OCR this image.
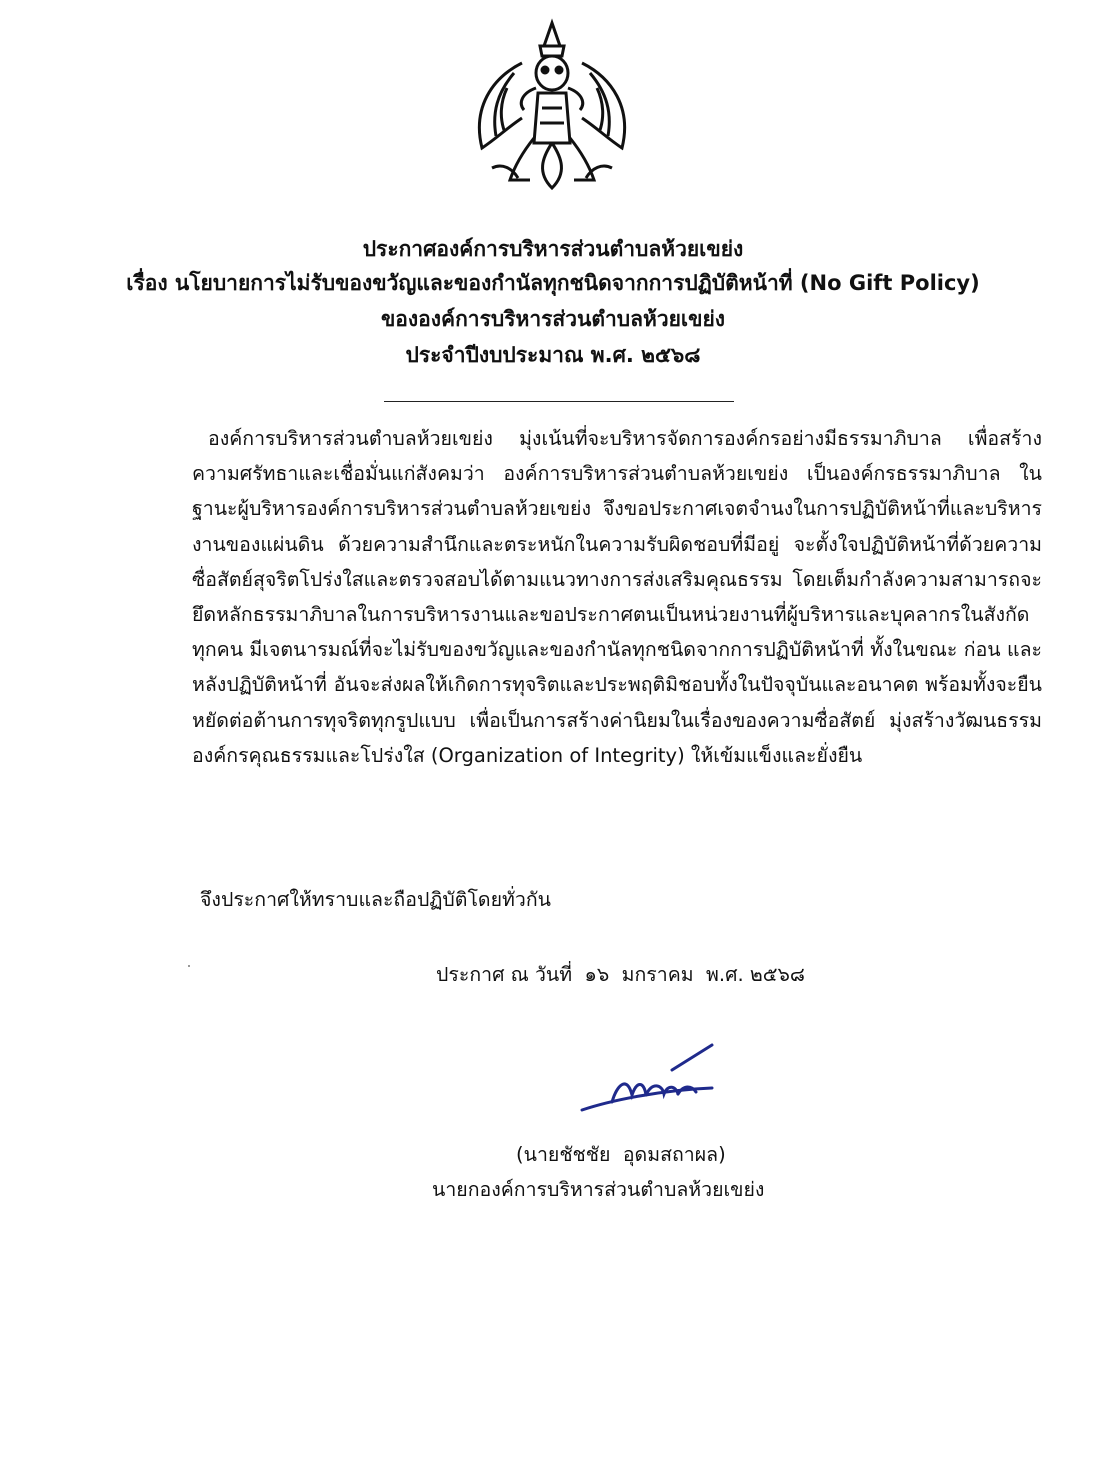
ประกาศองค์การบริหารส่วนตำบลห้วยเขย่ง
เรื่อง นโยบายการไม่รับของขวัญและของกำนัลทุกชนิดจากการปฏิบัติหน้าที่ (No Gift Policy)
ขององค์การบริหารส่วนตำบลห้วยเขย่ง
ประจำปีงบประมาณ พ.ศ. ๒๕๖๘
องค์การบริหารส่วนตำบลห้วยเขย่ง มุ่งเน้นที่จะบริหารจัดการองค์กรอย่างมีธรรมาภิบาล เพื่อสร้างความศรัทธาและเชื่อมั่นแก่สังคมว่า องค์การบริหารส่วนตำบลห้วยเขย่ง เป็นองค์กรธรรมาภิบาล ในฐานะผู้บริหารองค์การบริหารส่วนตำบลห้วยเขย่ง จึงขอประกาศเจตจำนงในการปฏิบัติหน้าที่และบริหารงานของแผ่นดิน ด้วยความสำนึกและตระหนักในความรับผิดชอบที่มีอยู่ จะตั้งใจปฏิบัติหน้าที่ด้วยความซื่อสัตย์สุจริตโปร่งใสและตรวจสอบได้ตามแนวทางการส่งเสริมคุณธรรม โดยเต็มกำลังความสามารถจะยึดหลักธรรมาภิบาลในการบริหารงานและขอประกาศตนเป็นหน่วยงานที่ผู้บริหารและบุคลากรในสังกัดทุกคน มีเจตนารมณ์ที่จะไม่รับของขวัญและของกำนัลทุกชนิดจากการปฏิบัติหน้าที่ ทั้งในขณะ ก่อน และหลังปฏิบัติหน้าที่ อันจะส่งผลให้เกิดการทุจริตและประพฤติมิชอบทั้งในปัจจุบันและอนาคต พร้อมทั้งจะยืนหยัดต่อต้านการทุจริตทุกรูปแบบ เพื่อเป็นการสร้างค่านิยมในเรื่องของความซื่อสัตย์ มุ่งสร้างวัฒนธรรมองค์กรคุณธรรมและโปร่งใส (Organization of Integrity) ให้เข้มแข็งและยั่งยืน
จึงประกาศให้ทราบและถือปฏิบัติโดยทั่วกัน
ประกาศ ณ วันที่  ๑๖  มกราคม  พ.ศ. ๒๕๖๘
(นายชัชชัย  อุดมสถาผล)
นายกองค์การบริหารส่วนตำบลห้วยเขย่ง
